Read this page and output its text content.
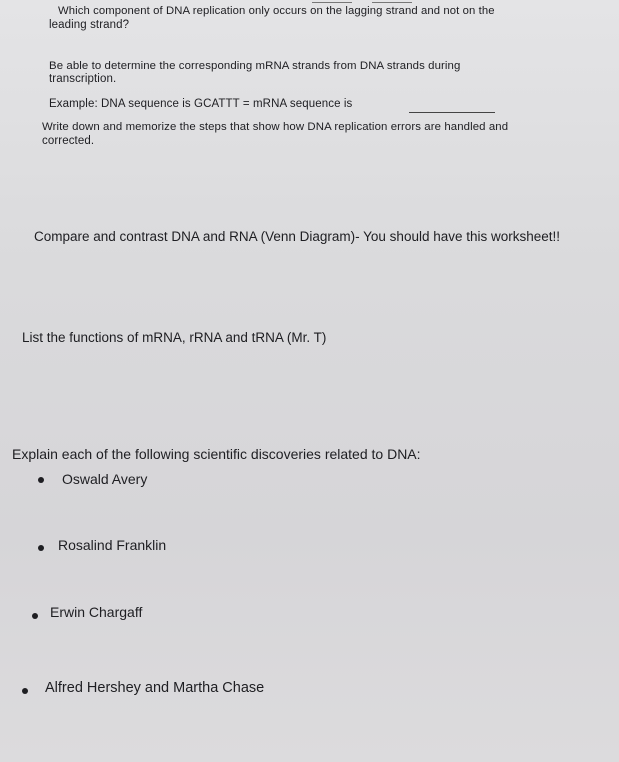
Which component of DNA replication only occurs on the lagging strand and not on the

leading strand?

Be able to determine the corresponding mRNA strands from DNA strands during

transcription.

Example: DNA sequence is GCATTT = mRNA sequence is

Write down and memorize the steps that show how DNA replication errors are handled and

corrected.

Compare and contrast DNA and RNA (Venn Diagram)- You should have this worksheet!!

List the functions of mRNA, rRNA and tRNA (Mr. T)

Explain each of the following scientific discoveries related to DNA:

Oswald Avery

Rosalind Franklin

Erwin Chargaff

Alfred Hershey and Martha Chase
